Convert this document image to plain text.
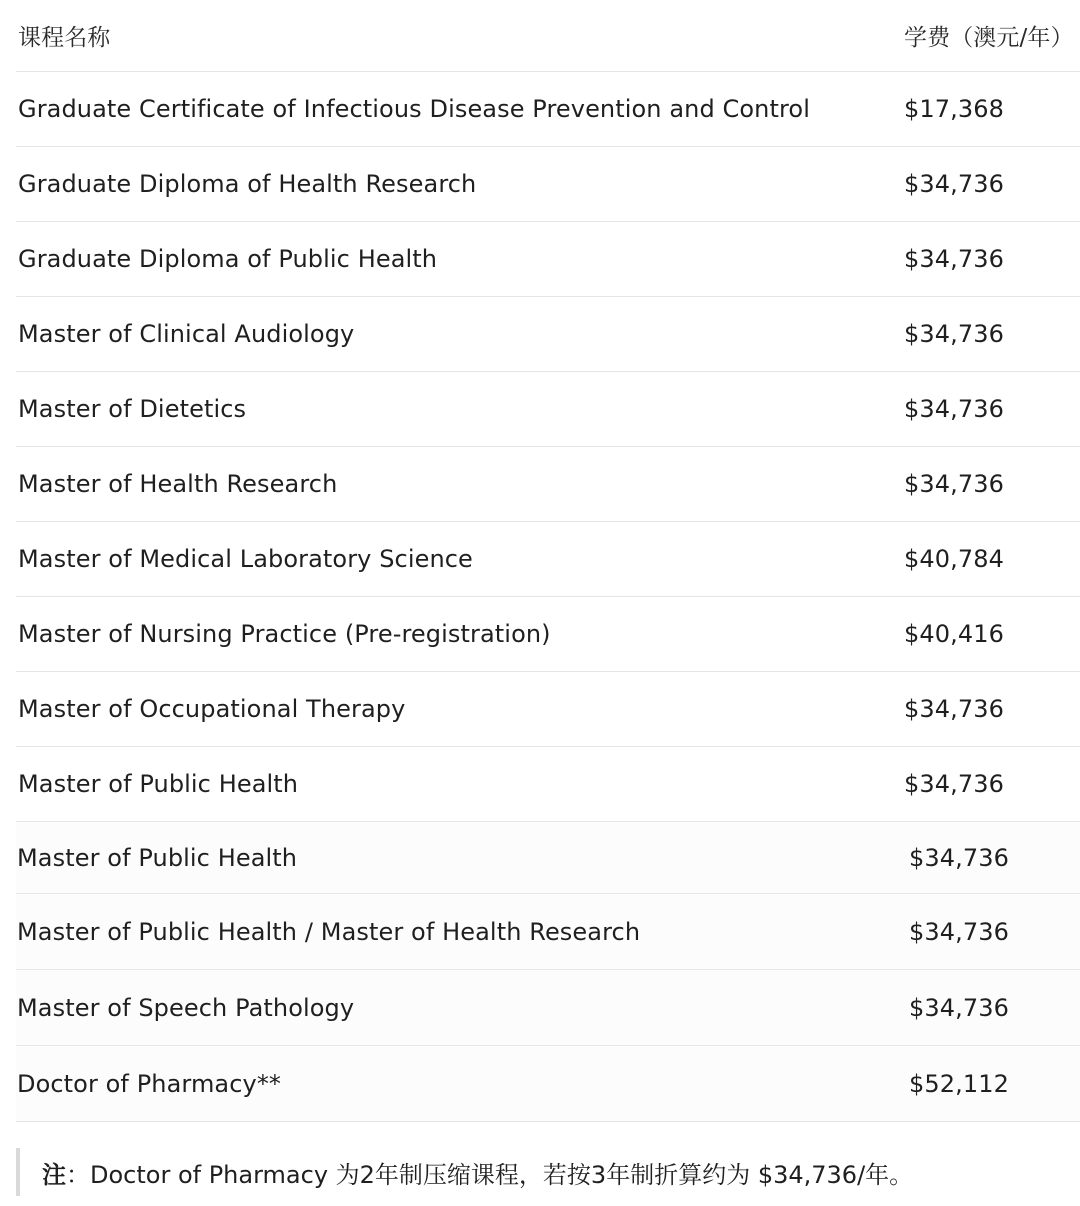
课程名称	学费（澳元/年）
Graduate Certificate of Infectious Disease Prevention and Control	$17,368
Graduate Diploma of Health Research	$34,736
Graduate Diploma of Public Health	$34,736
Master of Clinical Audiology	$34,736
Master of Dietetics	$34,736
Master of Health Research	$34,736
Master of Medical Laboratory Science	$40,784
Master of Nursing Practice (Pre-registration)	$40,416
Master of Occupational Therapy	$34,736
Master of Public Health	$34,736
Master of Public Health	$34,736
Master of Public Health / Master of Health Research	$34,736
Master of Speech Pathology	$34,736
Doctor of Pharmacy**	$52,112
注：Doctor of Pharmacy 为2年制压缩课程，若按3年制折算约为 $34,736/年。
